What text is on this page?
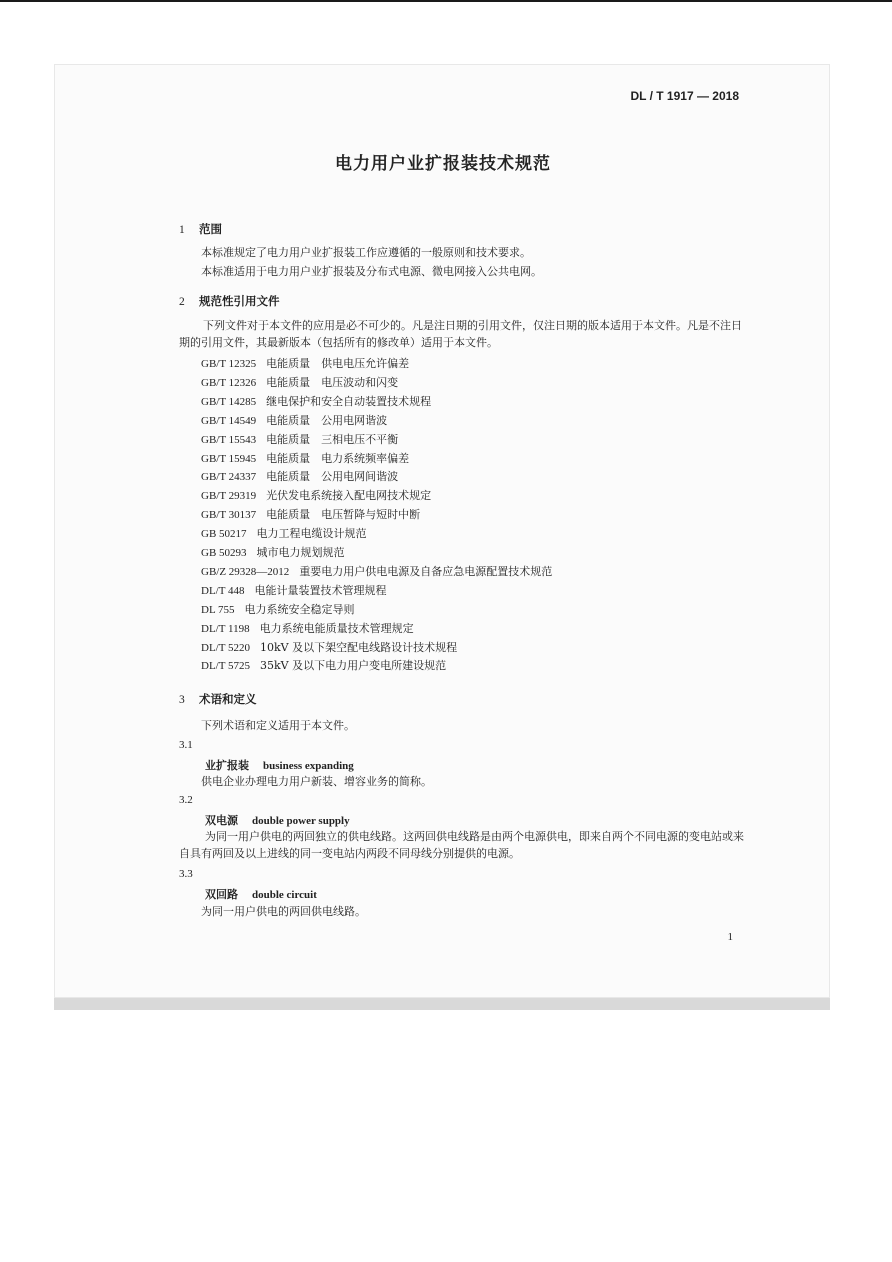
DL / T 1917 — 2018
电力用户业扩报装技术规范
1 范围
本标准规定了电力用户业扩报装工作应遵循的一般原则和技术要求。
本标准适用于电力用户业扩报装及分布式电源、微电网接入公共电网。
2 规范性引用文件
下列文件对于本文件的应用是必不可少的。凡是注日期的引用文件，仅注日期的版本适用于本文件。凡是不注日期的引用文件，其最新版本（包括所有的修改单）适用于本文件。
GB/T 12325 电能质量　供电电压允许偏差
GB/T 12326 电能质量　电压波动和闪变
GB/T 14285 继电保护和安全自动装置技术规程
GB/T 14549 电能质量　公用电网谐波
GB/T 15543 电能质量　三相电压不平衡
GB/T 15945 电能质量　电力系统频率偏差
GB/T 24337 电能质量　公用电网间谐波
GB/T 29319 光伏发电系统接入配电网技术规定
GB/T 30137 电能质量　电压暂降与短时中断
GB 50217 电力工程电缆设计规范
GB 50293 城市电力规划规范
GB/Z 29328—2012 重要电力用户供电电源及自备应急电源配置技术规范
DL/T 448 电能计量装置技术管理规程
DL 755 电力系统安全稳定导则
DL/T 1198 电力系统电能质量技术管理规定
DL/T 5220 10kV 及以下架空配电线路设计技术规程
DL/T 5725 35kV 及以下电力用户变电所建设规范
3 术语和定义
下列术语和定义适用于本文件。
3.1
业扩报装 business expanding
供电企业办理电力用户新装、增容业务的简称。
3.2
双电源 double power supply
为同一用户供电的两回独立的供电线路。这两回供电线路是由两个电源供电，即来自两个不同电源的变电站或来自具有两回及以上进线的同一变电站内两段不同母线分别提供的电源。
3.3
双回路 double circuit
为同一用户供电的两回供电线路。
1
